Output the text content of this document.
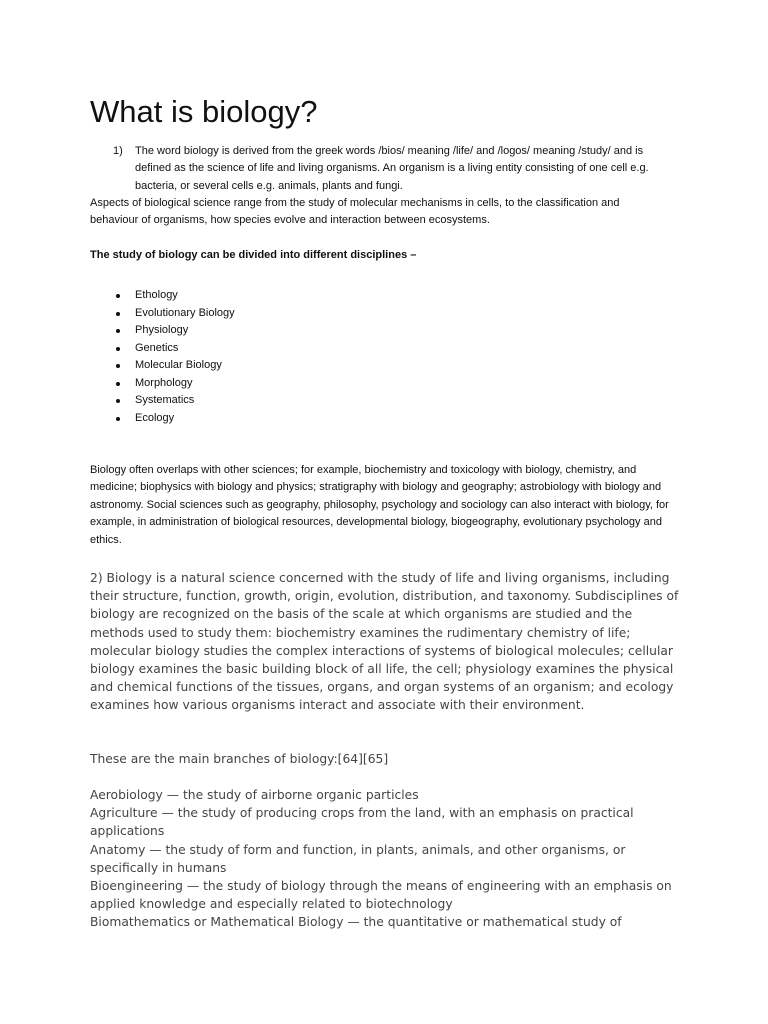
What is biology?
1) The word biology is derived from the greek words /bios/ meaning /life/ and /logos/ meaning /study/ and is defined as the science of life and living organisms. An organism is a living entity consisting of one cell e.g. bacteria, or several cells e.g. animals, plants and fungi.

Aspects of biological science range from the study of molecular mechanisms in cells, to the classification and behaviour of organisms, how species evolve and interaction between ecosystems.

The study of biology can be divided into different disciplines –

Ethology
Evolutionary Biology
Physiology
Genetics
Molecular Biology
Morphology
Systematics
Ecology

Biology often overlaps with other sciences; for example, biochemistry and toxicology with biology, chemistry, and medicine; biophysics with biology and physics; stratigraphy with biology and geography; astrobiology with biology and astronomy. Social sciences such as geography, philosophy, psychology and sociology can also interact with biology, for example, in administration of biological resources, developmental biology, biogeography, evolutionary psychology and ethics.

2) Biology is a natural science concerned with the study of life and living organisms, including their structure, function, growth, origin, evolution, distribution, and taxonomy. Subdisciplines of biology are recognized on the basis of the scale at which organisms are studied and the methods used to study them: biochemistry examines the rudimentary chemistry of life; molecular biology studies the complex interactions of systems of biological molecules; cellular biology examines the basic building block of all life, the cell; physiology examines the physical and chemical functions of the tissues, organs, and organ systems of an organism; and ecology examines how various organisms interact and associate with their environment.

These are the main branches of biology:[64][65]

Aerobiology — the study of airborne organic particles
Agriculture — the study of producing crops from the land, with an emphasis on practical applications
Anatomy — the study of form and function, in plants, animals, and other organisms, or specifically in humans
Bioengineering — the study of biology through the means of engineering with an emphasis on applied knowledge and especially related to biotechnology
Biomathematics or Mathematical Biology — the quantitative or mathematical study of
